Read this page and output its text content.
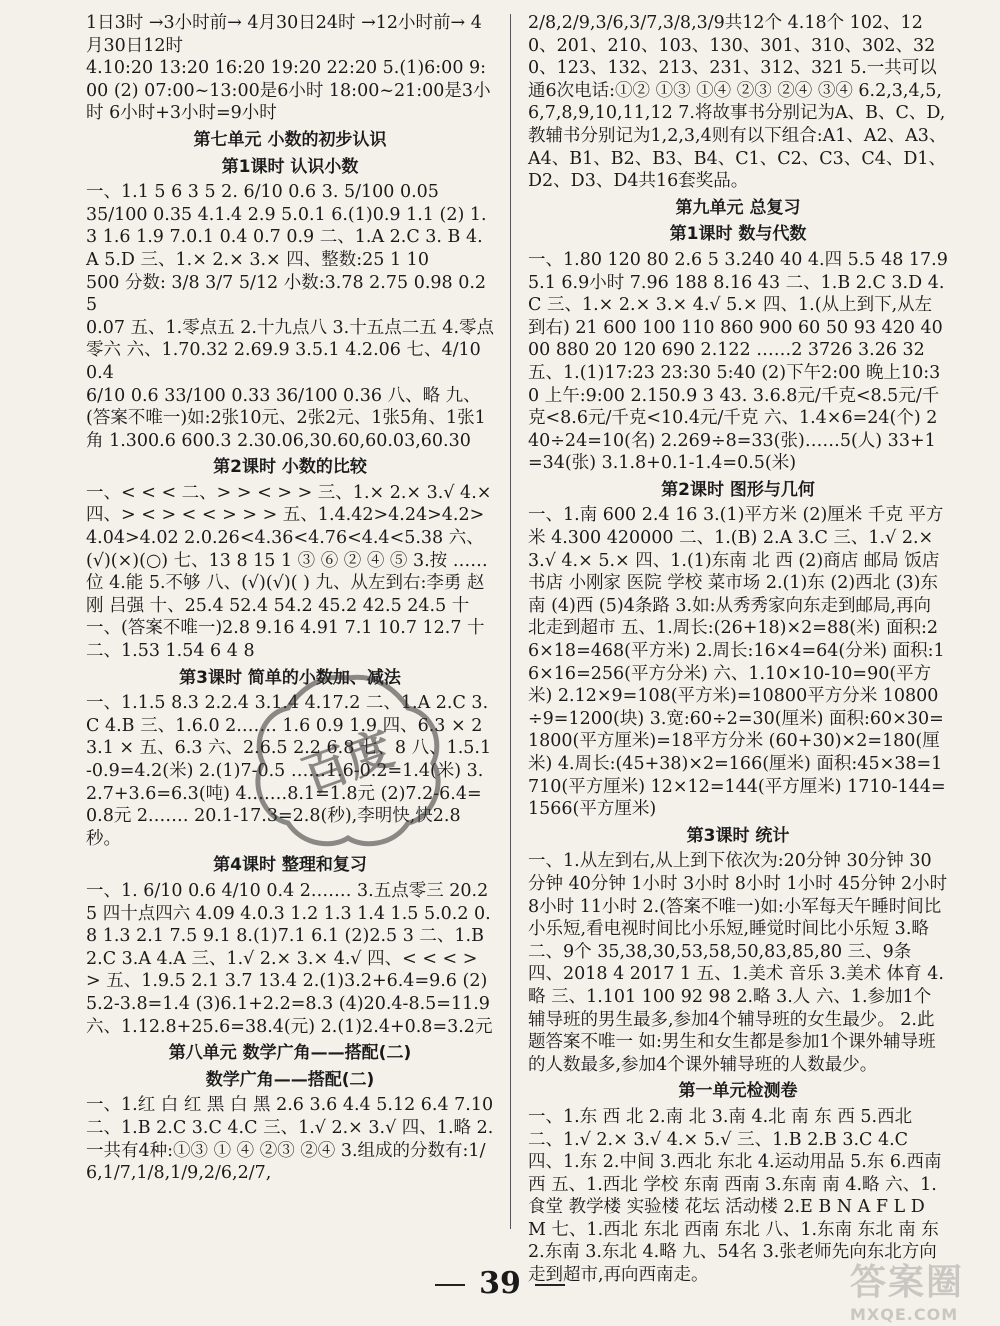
1日3时 →3小时前→ 4月30日24时 →12小时前→ 4月30日12时
4.10:20 13:20 16:20 19:20 22:20 5.(1)6:00 9:00 (2) 07:00~13:00是6小时 18:00~21:00是3小时 6小时+3小时=9小时
第七单元 小数的初步认识
第1课时 认识小数
一、1.1 5 6 3 5 2. 6/10 0.6 3. 5/100 0.05
35/100 0.35 4.1.4 2.9 5.0.1 6.(1)0.9 1.1 (2) 1.3 1.6 1.9 7.0.1 0.4 0.7 0.9 二、1.A 2.C 3. B 4.A 5.D 三、1.× 2.× 3.× 四、整数:25 1 10
500 分数: 3/8 3/7 5/12 小数:3.78 2.75 0.98 0.25
0.07 五、1.零点五 2.十九点八 3.十五点二五 4.零点零六 六、1.70.32 2.69.9 3.5.1 4.2.06 七、4/10 0.4
6/10 0.6 33/100 0.33 36/100 0.36 八、略 九、(答案不唯一)如:2张10元、2张2元、1张5角、1张1角 1.300.6 600.3 2.30.06,30.60,60.03,60.30
第2课时 小数的比较
一、< < < 二、> > < > > 三、1.× 2.× 3.√ 4.× 四、> < > < < > > > 五、1.4.42>4.24>4.2>4.04>4.02 2.0.26<4.36<4.76<4.4<5.38 六、(√)(×)(○) 七、13 8 15 1 ③ ⑥ ② ④ ⑤ 3.按 ……位 4.能 5.不够 八、(√)(√)( ) 九、从左到右:李勇 赵刚 吕强 十、25.4 52.4 54.2 45.2 42.5 24.5 十一、(答案不唯一)2.8 9.16 4.91 7.1 10.7 12.7 十二、1.53 1.54 6 4 8
第3课时 简单的小数加、减法
一、1.1.5 8.3 2.2.4 3.1.4 4.17.2 二、1.A 2.C 3.C 4.B 三、1.6.0 2.…… 1.6 0.9 1.9 四、6.3 × 23.1 × 五、6.3 六、2.6.5 2.2 6.8 七、8 八、1.5.1-0.9=4.2(米) 2.(1)7-0.5 ……1.6-0.2=1.4(米) 3.2.7+3.6=6.3(吨) 4.……8.1=1.8元 (2)7.2-6.4=0.8元 2.…… 20.1-17.3=2.8(秒),李明快,快2.8秒。
第4课时 整理和复习
一、1. 6/10 0.6 4/10 0.4 2.…… 3.五点零三 20.25 四十点四六 4.09 4.0.3 1.2 1.3 1.4 1.5 5.0.2 0.8 1.3 2.1 7.5 9.1 8.(1)7.1 6.1 (2)2.5 3 二、1.B 2.C 3.A 4.A 三、1.√ 2.× 3.× 4.√ 四、< < < > > 五、1.9.5 2.1 3.7 13.4 2.(1)3.2+6.4=9.6 (2)5.2-3.8=1.4 (3)6.1+2.2=8.3 (4)20.4-8.5=11.9 六、1.12.8+25.6=38.4(元) 2.(1)2.4+0.8=3.2元
第八单元 数学广角——搭配(二)
数学广角——搭配(二)
一、1.红 白 红 黑 白 黑 2.6 3.6 4.4 5.12 6.4 7.10 二、1.B 2.C 3.C 4.C 三、1.√ 2.× 3.√ 四、1.略 2.一共有4种:①③ ① ④ ②③ ②④ 3.组成的分数有:1/6,1/7,1/8,1/9,2/6,2/7,
2/8,2/9,3/6,3/7,3/8,3/9共12个 4.18个 102、120、201、210、103、130、301、310、302、320、123、132、213、231、312、321 5.一共可以通6次电话:①② ①③ ①④ ②③ ②④ ③④ 6.2,3,4,5,6,7,8,9,10,11,12 7.将故事书分别记为A、B、C、D,教辅书分别记为1,2,3,4则有以下组合:A1、A2、A3、A4、B1、B2、B3、B4、C1、C2、C3、C4、D1、D2、D3、D4共16套奖品。
第九单元 总复习
第1课时 数与代数
一、1.80 120 80 2.6 5 3.240 40 4.四 5.5 48 17.9 5.1 6.9小时 7.96 188 8.16 43 二、1.B 2.C 3.D 4.C 三、1.× 2.× 3.× 4.√ 5.× 四、1.(从上到下,从左到右) 21 600 100 110 860 900 60 50 93 420 4000 880 20 120 690 2.122 ……2 3726 3.26 32 五、1.(1)17:23 23:30 5:40 (2)下午2:00 晚上10:30 上午:9:00 2.150.9 3 43. 3.6.8元/千克<8.5元/千克<8.6元/千克<10.4元/千克 六、1.4×6=24(个) 240÷24=10(名) 2.269÷8=33(张)……5(人) 33+1=34(张) 3.1.8+0.1-1.4=0.5(米)
第2课时 图形与几何
一、1.南 600 2.4 16 3.(1)平方米 (2)厘米 千克 平方米 4.300 420000 二、1.(B) 2.A 3.C 三、1.√ 2.× 3.√ 4.× 5.× 四、1.(1)东南 北 西 (2)商店 邮局 饭店 书店 小刚家 医院 学校 菜市场 2.(1)东 (2)西北 (3)东南 (4)西 (5)4条路 3.如:从秀秀家向东走到邮局,再向北走到超市 五、1.周长:(26+18)×2=88(米) 面积:26×18=468(平方米) 2.周长:16×4=64(分米) 面积:16×16=256(平方分米) 六、1.10×10-10=90(平方米) 2.12×9=108(平方米)=10800平方分米 10800÷9=1200(块) 3.宽:60÷2=30(厘米) 面积:60×30=1800(平方厘米)=18平方分米 (60+30)×2=180(厘米) 4.周长:(45+38)×2=166(厘米) 面积:45×38=1710(平方厘米) 12×12=144(平方厘米) 1710-144=1566(平方厘米)
第3课时 统计
一、1.从左到右,从上到下依次为:20分钟 30分钟 30分钟 40分钟 1小时 3小时 8小时 1小时 45分钟 2小时 8小时 11小时 2.(答案不唯一)如:小军每天午睡时间比小乐短,看电视时间比小乐短,睡觉时间比小乐短 3.略 二、9个 35,38,30,53,58,50,83,85,80 三、9条 四、2018 4 2017 1 五、1.美术 音乐 3.美术 体育 4.略 三、1.101 100 92 98 2.略 3.人 六、1.参加1个辅导班的男生最多,参加4个辅导班的女生最少。 2.此题答案不唯一 如:男生和女生都是参加1个课外辅导班的人数最多,参加4个课外辅导班的人数最少。
第一单元检测卷
一、1.东 西 北 2.南 北 3.南 4.北 南 东 西 5.西北 二、1.√ 2.× 3.√ 4.× 5.√ 三、1.B 2.B 3.C 4.C 四、1.东 2.中间 3.西北 东北 4.运动用品 5.东 6.西南 西 五、1.西北 学校 东南 西南 3.东南 南 4.略 六、1.食堂 教学楼 实验楼 花坛 活动楼 2.E B N A F L D M 七、1.西北 东北 西南 东北 八、1.东南 东北 南 东 2.东南 3.东北 4.略 九、54名 3.张老师先向东北方向走到超市,再向西南走。
39
百度
答案圈
MXQE.COM
